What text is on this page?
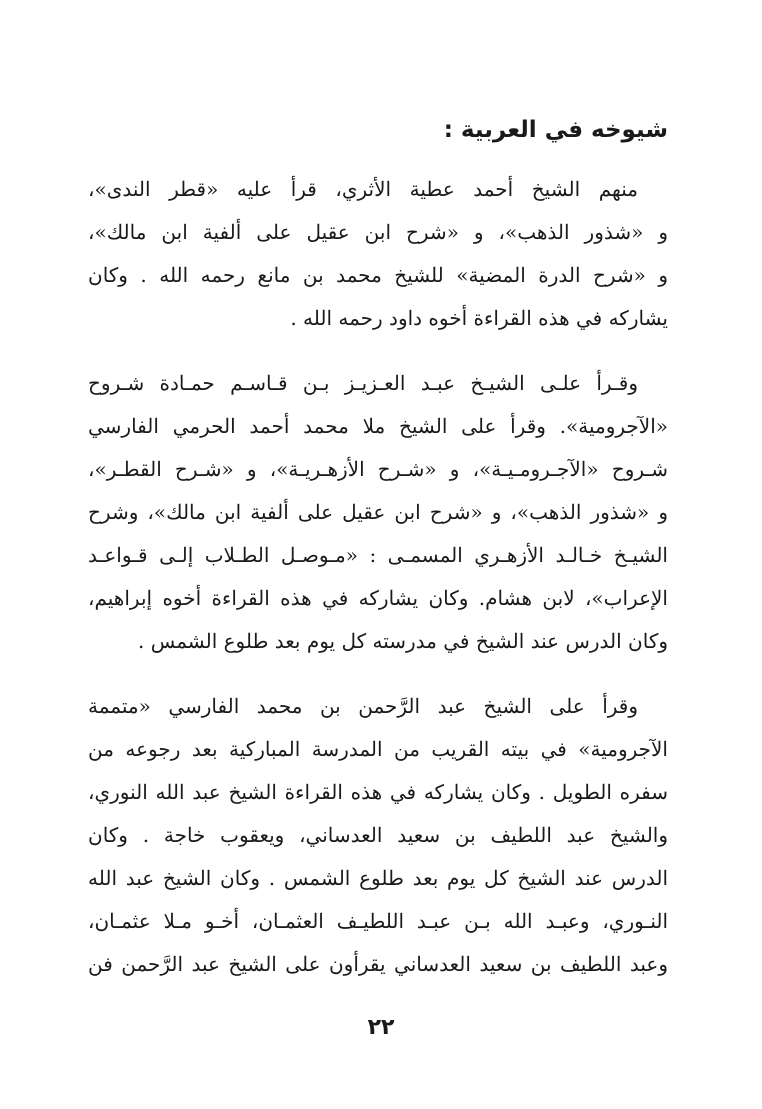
شيوخه في العربية :

منهم الشيخ أحمد عطية الأثري، قرأ عليه «قطر الندى»،
و «شذور الذهب»، و «شرح ابن عقيل على ألفية ابن مالك»،
و «شرح الدرة المضية» للشيخ محمد بن مانع رحمه الله . وكان
يشاركه في هذه القراءة أخوه داود رحمه الله .

وقـرأ علـى الشيـخ عبـد العـزيـز بـن قـاسـم حمـادة شـروح
«الآجرومية». وقرأ على الشيخ ملا محمد أحمد الحرمي الفارسي
شـروح «الآجـرومـيـة»، و «شـرح الأزهـريـة»، و «شـرح القطـر»،
و «شذور الذهب»، و «شرح ابن عقيل على ألفية ابن مالك»، وشرح
الشيـخ خـالـد الأزهـري المسمـى : «مـوصـل الطـلاب إلـى قـواعـد
الإعراب»، لابن هشام. وكان يشاركه في هذه القراءة أخوه إبراهيم،
وكان الدرس عند الشيخ في مدرسته كل يوم بعد طلوع الشمس .

وقرأ على الشيخ عبد الرَّحمن بن محمد الفارسي «متممة
الآجرومية» في بيته القريب من المدرسة المباركية بعد رجوعه من
سفره الطويل . وكان يشاركه في هذه القراءة الشيخ عبد الله النوري،
والشيخ عبد اللطيف بن سعيد العدساني، ويعقوب خاجة . وكان
الدرس عند الشيخ كل يوم بعد طلوع الشمس . وكان الشيخ عبد الله
النـوري، وعبـد الله بـن عبـد اللطيـف العثمـان، أخـو مـلا عثمـان،
وعبد اللطيف بن سعيد العدساني يقرأون على الشيخ عبد الرَّحمن فن

٢٢
